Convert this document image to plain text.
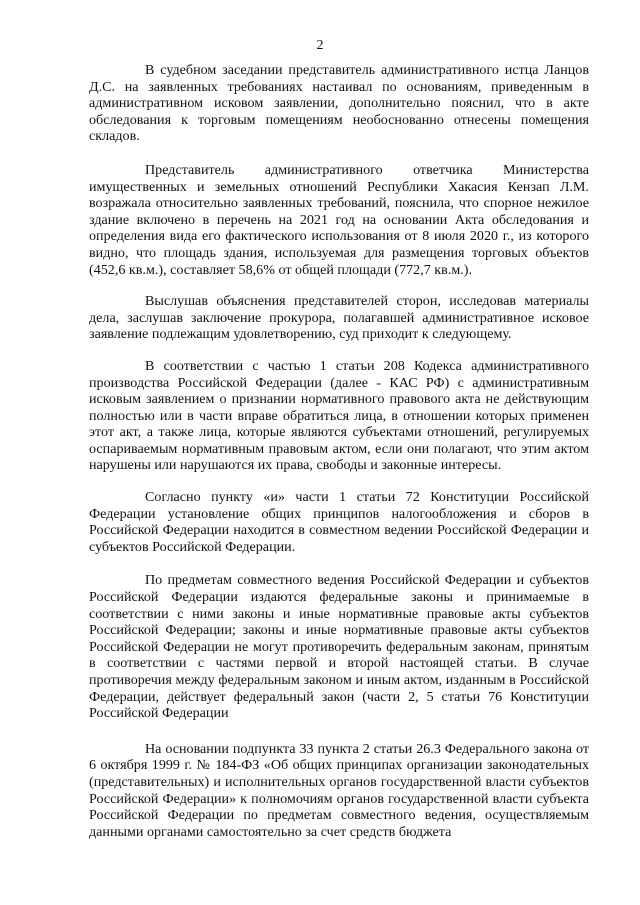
2

В судебном заседании представитель административного истца Ланцов Д.С. на заявленных требованиях настаивал по основаниям, приведенным в административном исковом заявлении, дополнительно пояснил, что в акте обследования к торговым помещениям необоснованно отнесены помещения складов.

Представитель административного ответчика Министерства имущественных и земельных отношений Республики Хакасия Кензап Л.М. возражала относительно заявленных требований, пояснила, что спорное нежилое здание включено в перечень на 2021 год на основании Акта обследования и определения вида его фактического использования от 8 июля 2020 г., из которого видно, что площадь здания, используемая для размещения торговых объектов (452,6 кв.м.), составляет 58,6% от общей площади (772,7 кв.м.).

Выслушав объяснения представителей сторон, исследовав материалы дела, заслушав заключение прокурора, полагавшей административное исковое заявление подлежащим удовлетворению, суд приходит к следующему.

В соответствии с частью 1 статьи 208 Кодекса административного производства Российской Федерации (далее - КАС РФ) с административным исковым заявлением о признании нормативного правового акта не действующим полностью или в части вправе обратиться лица, в отношении которых применен этот акт, а также лица, которые являются субъектами отношений, регулируемых оспариваемым нормативным правовым актом, если они полагают, что этим актом нарушены или нарушаются их права, свободы и законные интересы.

Согласно пункту «и» части 1 статьи 72 Конституции Российской Федерации установление общих принципов налогообложения и сборов в Российской Федерации находится в совместном ведении Российской Федерации и субъектов Российской Федерации.

По предметам совместного ведения Российской Федерации и субъектов Российской Федерации издаются федеральные законы и принимаемые в соответствии с ними законы и иные нормативные правовые акты субъектов Российской Федерации; законы и иные нормативные правовые акты субъектов Российской Федерации не могут противоречить федеральным законам, принятым в соответствии с частями первой и второй настоящей статьи. В случае противоречия между федеральным законом и иным актом, изданным в Российской Федерации, действует федеральный закон (части 2, 5 статьи 76 Конституции Российской Федерации

На основании подпункта 33 пункта 2 статьи 26.3 Федерального закона от 6 октября 1999 г. № 184-ФЗ «Об общих принципах организации законодательных (представительных) и исполнительных органов государственной власти субъектов Российской Федерации» к полномочиям органов государственной власти субъекта Российской Федерации по предметам совместного ведения, осуществляемым данными органами самостоятельно за счет средств бюджета
